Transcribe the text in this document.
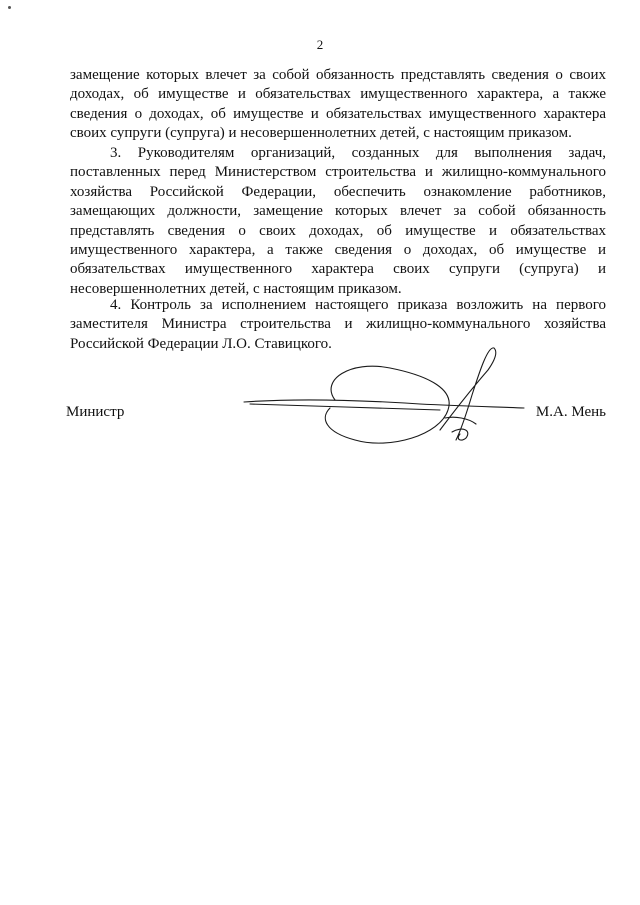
2

замещение которых влечет за собой обязанность представлять сведения о своих доходах, об имуществе и обязательствах имущественного характера, а также сведения о доходах, об имуществе и обязательствах имущественного характера своих супруги (супруга) и несовершеннолетних детей, с настоящим приказом.

3. Руководителям организаций, созданных для выполнения задач, поставленных перед Министерством строительства и жилищно-коммунального хозяйства Российской Федерации, обеспечить ознакомление работников, замещающих должности, замещение которых влечет за собой обязанность представлять сведения о своих доходах, об имуществе и обязательствах имущественного характера, а также сведения о доходах, об имуществе и обязательствах имущественного характера своих супруги (супруга) и несовершеннолетних детей, с настоящим приказом.

4. Контроль за исполнением настоящего приказа возложить на первого заместителя Министра строительства и жилищно-коммунального хозяйства Российской Федерации Л.О. Ставицкого.

Министр	М.А. Мень
